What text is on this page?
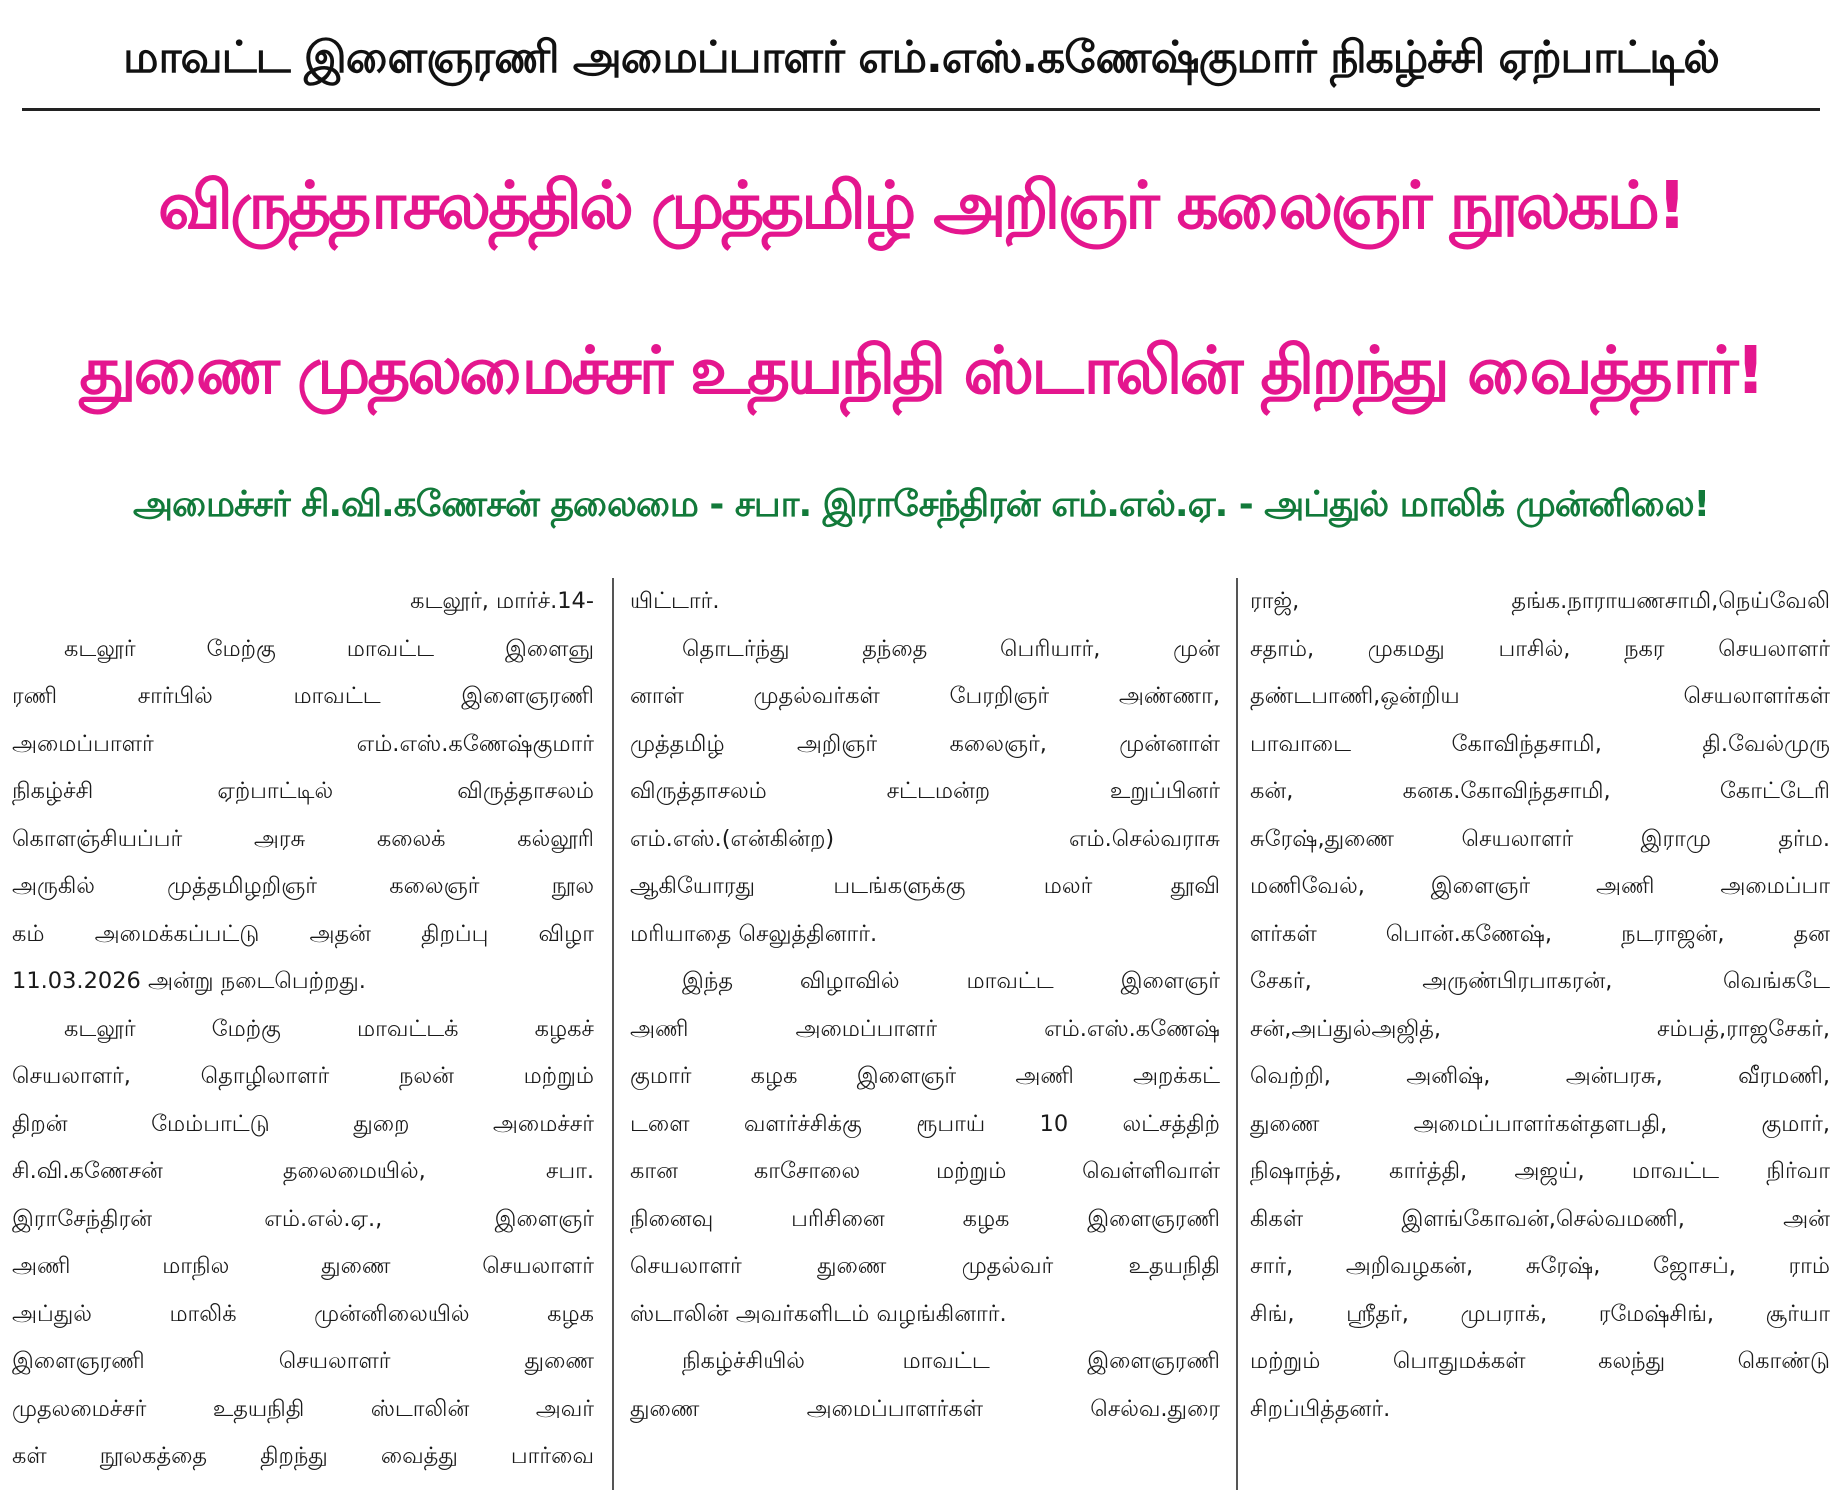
மாவட்ட இளைஞரணி அமைப்பாளர் எம்.எஸ்.கணேஷ்குமார் நிகழ்ச்சி ஏற்பாட்டில்
விருத்தாசலத்தில் முத்தமிழ் அறிஞர் கலைஞர் நூலகம்!
துணை முதலமைச்சர் உதயநிதி ஸ்டாலின் திறந்து வைத்தார்!
அமைச்சர் சி.வி.கணேசன் தலைமை - சபா. இராசேந்திரன் எம்.எல்.ஏ. - அப்துல் மாலிக் முன்னிலை!
கடலூர், மார்ச்.14-
கடலூர் மேற்கு மாவட்ட இளைஞு
ரணி சார்பில் மாவட்ட இளைஞரணி
அமைப்பாளர் எம்.எஸ்.கணேஷ்குமார்
நிகழ்ச்சி ஏற்பாட்டில் விருத்தாசலம்
கொளஞ்சியப்பர் அரசு கலைக் கல்லூரி
அருகில் முத்தமிழறிஞர் கலைஞர் நூல
கம் அமைக்கப்பட்டு அதன் திறப்பு விழா
11.03.2026 அன்று நடைபெற்றது.
கடலூர் மேற்கு மாவட்டக் கழகச்
செயலாளர், தொழிலாளர் நலன் மற்றும்
திறன் மேம்பாட்டு துறை அமைச்சர்
சி.வி.கணேசன் தலைமையில், சபா.
இராசேந்திரன் எம்.எல்.ஏ., இளைஞர்
அணி மாநில துணை செயலாளர்
அப்துல் மாலிக் முன்னிலையில் கழக
இளைஞரணி செயலாளர் துணை
முதலமைச்சர் உதயநிதி ஸ்டாலின் அவர்
கள் நூலகத்தை திறந்து வைத்து பார்வை
யிட்டார்.
தொடர்ந்து தந்தை பெரியார், முன்
னாள் முதல்வர்கள் பேரறிஞர் அண்ணா,
முத்தமிழ் அறிஞர் கலைஞர், முன்னாள்
விருத்தாசலம் சட்டமன்ற உறுப்பினர்
எம்.எஸ்.(என்கின்ற) எம்.செல்வராசு
ஆகியோரது படங்களுக்கு மலர் தூவி
மரியாதை செலுத்தினார்.
இந்த விழாவில் மாவட்ட இளைஞர்
அணி அமைப்பாளர் எம்.எஸ்.கணேஷ்
குமார் கழக இளைஞர் அணி அறக்கட்
டளை வளர்ச்சிக்கு ரூபாய் 10 லட்சத்திற்
கான காசோலை மற்றும் வெள்ளிவாள்
நினைவு பரிசினை கழக இளைஞரணி
செயலாளர் துணை முதல்வர் உதயநிதி
ஸ்டாலின் அவர்களிடம் வழங்கினார்.
நிகழ்ச்சியில் மாவட்ட இளைஞரணி
துணை அமைப்பாளர்கள் செல்வ.துரை
ராஜ், தங்க.நாராயணசாமி,நெய்வேலி
சதாம், முகமது பாசில், நகர செயலாளர்
தண்டபாணி,ஒன்றிய செயலாளர்கள்
பாவாடை கோவிந்தசாமி, தி.வேல்முரு
கன், கனக.கோவிந்தசாமி, கோட்டேரி
சுரேஷ்,துணை செயலாளர் இராமு தர்ம.
மணிவேல், இளைஞர் அணி அமைப்பா
ளர்கள் பொன்.கணேஷ், நடராஜன், தன
சேகர், அருண்பிரபாகரன், வெங்கடே
சன்,அப்துல்அஜித், சம்பத்,ராஜசேகர்,
வெற்றி, அனிஷ், அன்பரசு, வீரமணி,
துணை அமைப்பாளர்கள்தளபதி, குமார்,
நிஷாந்த், கார்த்தி, அஜய், மாவட்ட நிர்வா
கிகள் இளங்கோவன்,செல்வமணி, அன்
சார், அறிவழகன், சுரேஷ், ஜோசப், ராம்
சிங், ஶ்ரீதர், முபராக், ரமேஷ்சிங், சூர்யா
மற்றும் பொதுமக்கள் கலந்து கொண்டு
சிறப்பித்தனர்.
